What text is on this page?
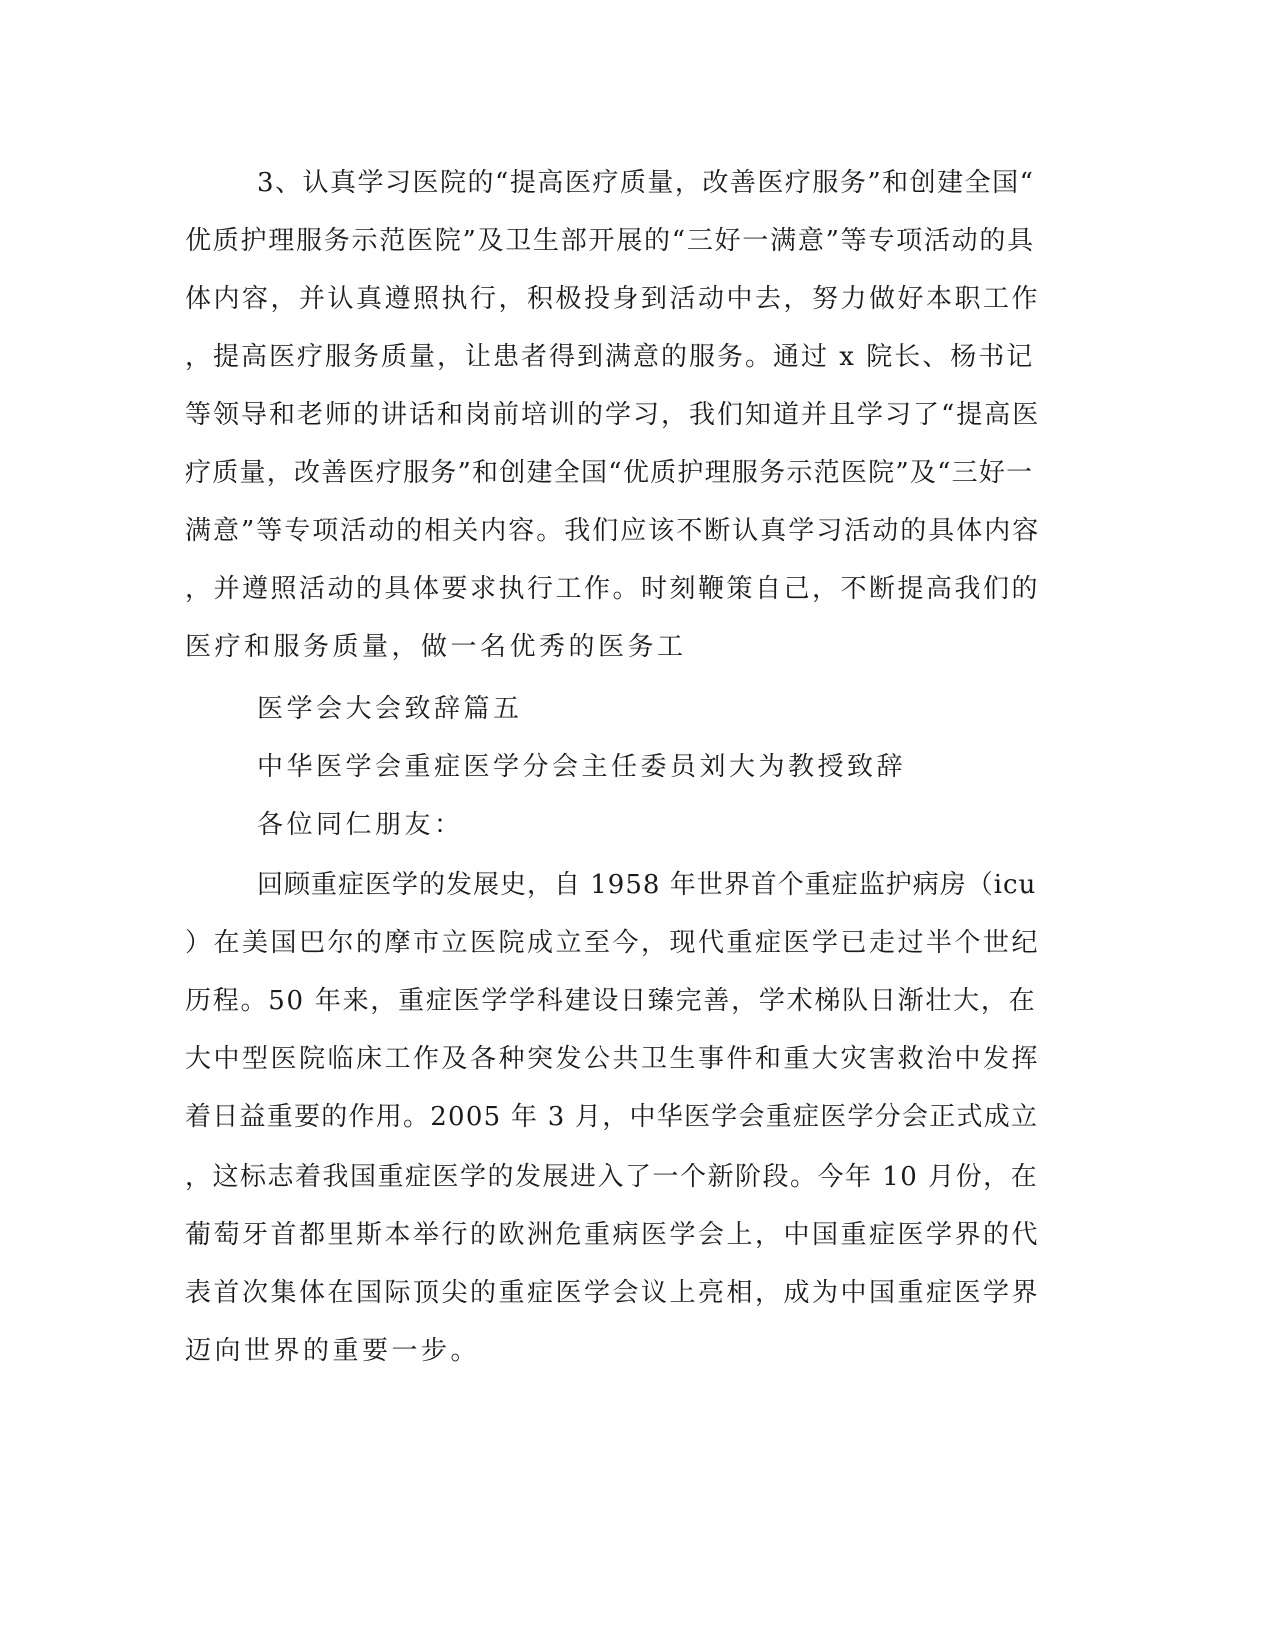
3、认真学习医院的“提高医疗质量，改善医疗服务”和创建全国“

优质护理服务示范医院”及卫生部开展的“三好一满意”等专项活动的具

体内容，并认真遵照执行，积极投身到活动中去，努力做好本职工作

，提高医疗服务质量，让患者得到满意的服务。通过 x 院长、杨书记

等领导和老师的讲话和岗前培训的学习，我们知道并且学习了“提高医

疗质量，改善医疗服务”和创建全国“优质护理服务示范医院”及“三好一

满意”等专项活动的相关内容。我们应该不断认真学习活动的具体内容

，并遵照活动的具体要求执行工作。时刻鞭策自己，不断提高我们的

医疗和服务质量，做一名优秀的医务工

医学会大会致辞篇五

中华医学会重症医学分会主任委员刘大为教授致辞

各位同仁朋友：

回顾重症医学的发展史，自 1958 年世界首个重症监护病房（icu

）在美国巴尔的摩市立医院成立至今，现代重症医学已走过半个世纪

历程。50 年来，重症医学学科建设日臻完善，学术梯队日渐壮大，在

大中型医院临床工作及各种突发公共卫生事件和重大灾害救治中发挥

着日益重要的作用。2005 年 3 月，中华医学会重症医学分会正式成立

，这标志着我国重症医学的发展进入了一个新阶段。今年 10 月份，在

葡萄牙首都里斯本举行的欧洲危重病医学会上，中国重症医学界的代

表首次集体在国际顶尖的重症医学会议上亮相，成为中国重症医学界

迈向世界的重要一步。
